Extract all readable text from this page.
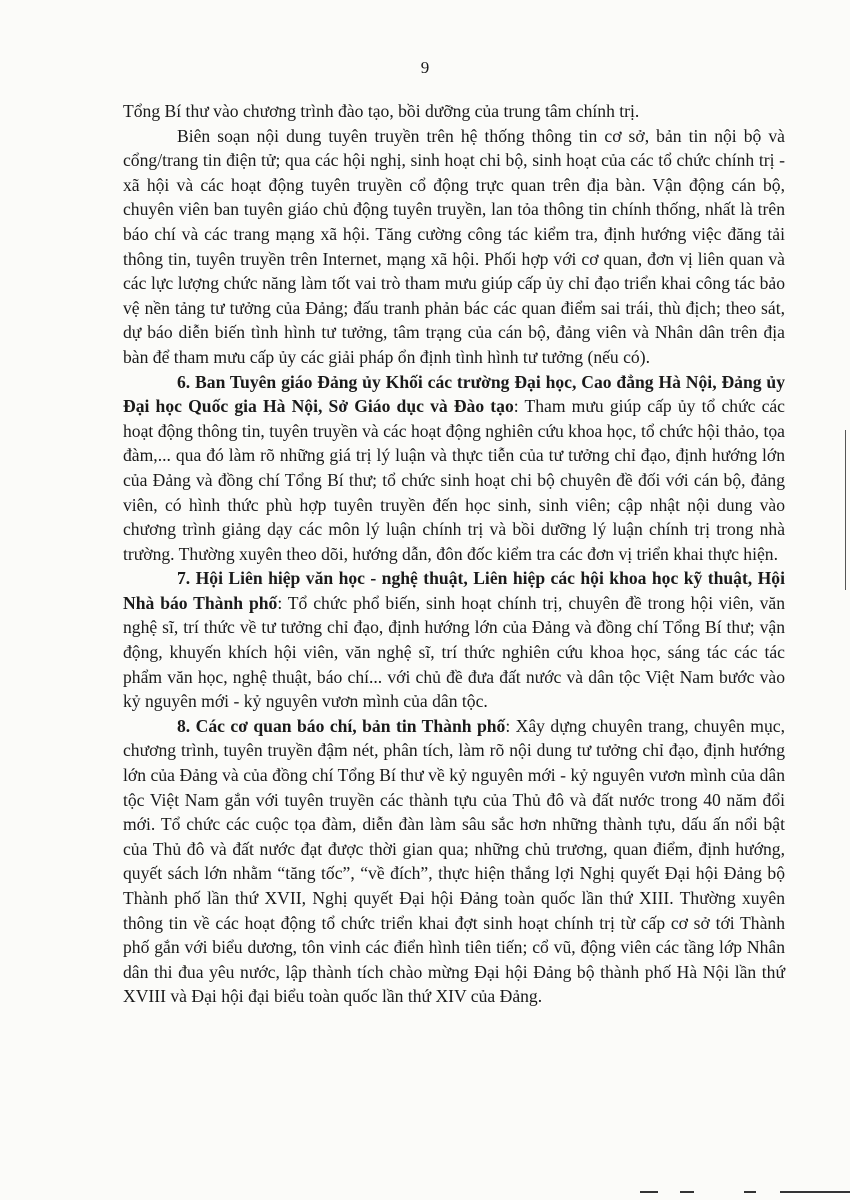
9

Tổng Bí thư vào chương trình đào tạo, bồi dưỡng của trung tâm chính trị.

Biên soạn nội dung tuyên truyền trên hệ thống thông tin cơ sở, bản tin nội bộ và cổng/trang tin điện tử; qua các hội nghị, sinh hoạt chi bộ, sinh hoạt của các tổ chức chính trị - xã hội và các hoạt động tuyên truyền cổ động trực quan trên địa bàn. Vận động cán bộ, chuyên viên ban tuyên giáo chủ động tuyên truyền, lan tỏa thông tin chính thống, nhất là trên báo chí và các trang mạng xã hội. Tăng cường công tác kiểm tra, định hướng việc đăng tải thông tin, tuyên truyền trên Internet, mạng xã hội. Phối hợp với cơ quan, đơn vị liên quan và các lực lượng chức năng làm tốt vai trò tham mưu giúp cấp ủy chỉ đạo triển khai công tác bảo vệ nền tảng tư tưởng của Đảng; đấu tranh phản bác các quan điểm sai trái, thù địch; theo sát, dự báo diễn biến tình hình tư tưởng, tâm trạng của cán bộ, đảng viên và Nhân dân trên địa bàn để tham mưu cấp ủy các giải pháp ổn định tình hình tư tưởng (nếu có).

6. Ban Tuyên giáo Đảng ủy Khối các trường Đại học, Cao đẳng Hà Nội, Đảng ủy Đại học Quốc gia Hà Nội, Sở Giáo dục và Đào tạo: Tham mưu giúp cấp ủy tổ chức các hoạt động thông tin, tuyên truyền và các hoạt động nghiên cứu khoa học, tổ chức hội thảo, tọa đàm,... qua đó làm rõ những giá trị lý luận và thực tiễn của tư tưởng chỉ đạo, định hướng lớn của Đảng và đồng chí Tổng Bí thư; tổ chức sinh hoạt chi bộ chuyên đề đối với cán bộ, đảng viên, có hình thức phù hợp tuyên truyền đến học sinh, sinh viên; cập nhật nội dung vào chương trình giảng dạy các môn lý luận chính trị và bồi dưỡng lý luận chính trị trong nhà trường. Thường xuyên theo dõi, hướng dẫn, đôn đốc kiểm tra các đơn vị triển khai thực hiện.

7. Hội Liên hiệp văn học - nghệ thuật, Liên hiệp các hội khoa học kỹ thuật, Hội Nhà báo Thành phố: Tổ chức phổ biến, sinh hoạt chính trị, chuyên đề trong hội viên, văn nghệ sĩ, trí thức về tư tưởng chỉ đạo, định hướng lớn của Đảng và đồng chí Tổng Bí thư; vận động, khuyến khích hội viên, văn nghệ sĩ, trí thức nghiên cứu khoa học, sáng tác các tác phẩm văn học, nghệ thuật, báo chí... với chủ đề đưa đất nước và dân tộc Việt Nam bước vào kỷ nguyên mới - kỷ nguyên vươn mình của dân tộc.

8. Các cơ quan báo chí, bản tin Thành phố: Xây dựng chuyên trang, chuyên mục, chương trình, tuyên truyền đậm nét, phân tích, làm rõ nội dung tư tưởng chỉ đạo, định hướng lớn của Đảng và của đồng chí Tổng Bí thư về kỷ nguyên mới - kỷ nguyên vươn mình của dân tộc Việt Nam gắn với tuyên truyền các thành tựu của Thủ đô và đất nước trong 40 năm đổi mới. Tổ chức các cuộc tọa đàm, diễn đàn làm sâu sắc hơn những thành tựu, dấu ấn nổi bật của Thủ đô và đất nước đạt được thời gian qua; những chủ trương, quan điểm, định hướng, quyết sách lớn nhằm “tăng tốc”, “về đích”, thực hiện thắng lợi Nghị quyết Đại hội Đảng bộ Thành phố lần thứ XVII, Nghị quyết Đại hội Đảng toàn quốc lần thứ XIII. Thường xuyên thông tin về các hoạt động tổ chức triển khai đợt sinh hoạt chính trị từ cấp cơ sở tới Thành phố gắn với biểu dương, tôn vinh các điển hình tiên tiến; cổ vũ, động viên các tầng lớp Nhân dân thi đua yêu nước, lập thành tích chào mừng Đại hội Đảng bộ thành phố Hà Nội lần thứ XVIII và Đại hội đại biểu toàn quốc lần thứ XIV của Đảng.
